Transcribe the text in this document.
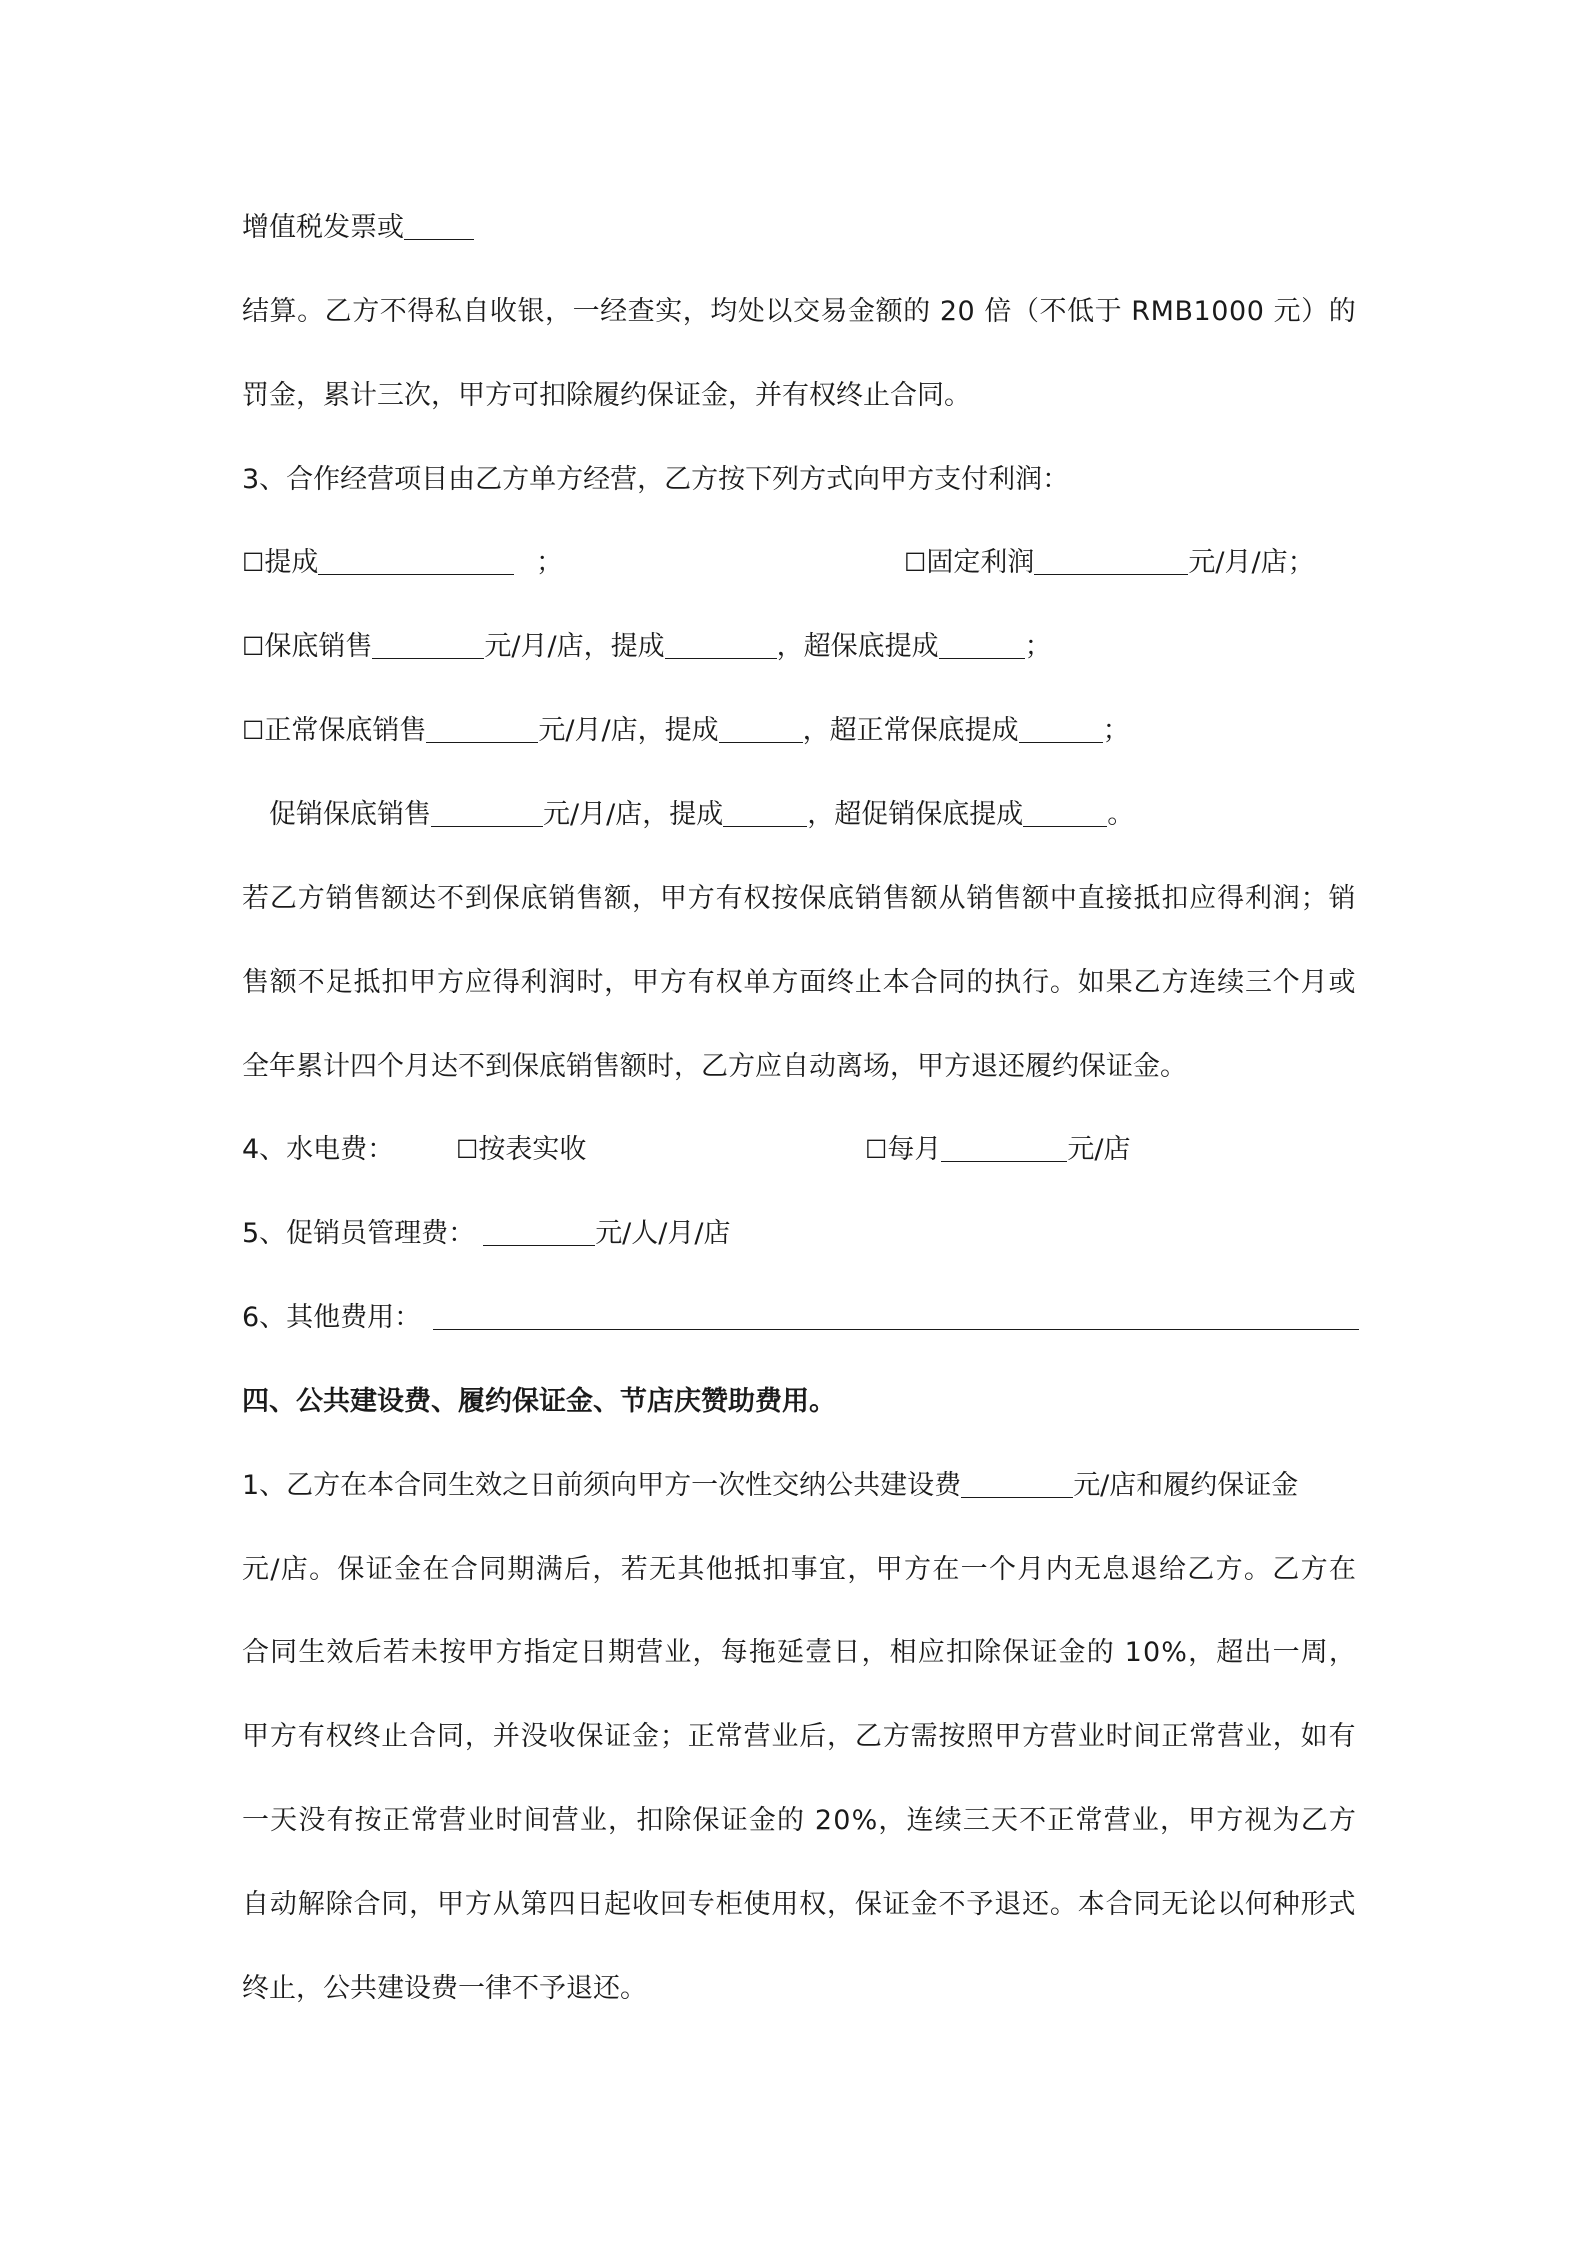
增值税发票或
结 算 。 乙 方 不 得 私 自 收 银 ， 一 经 查 实 ， 均 处 以 交 易 金 额 的
2 0
倍 （ 不 低 于
R M B 1 0 0 0
元 ） 的
罚金，累计三次，甲方可扣除履约保证金，并有权终止合同。
3、合作经营项目由乙方单方经营，乙方按下列方式向甲方支付利润：
☐提成	；	☐固定利润	元/月/店；
☐保底销售	元/月/店，提成	，超保底提成	；
☐正常保底销售	元/月/店，提成	，超正常保底提成	；
促销保底销售	元/月/店，提成	，超促销保底提成	。
若 乙 方 销 售 额 达 不 到 保 底 销 售 额 ， 甲 方 有 权 按 保 底 销 售 额 从 销 售 额 中 直 接 抵 扣 应 得 利 润 ； 销
售 额 不 足 抵 扣 甲 方 应 得 利 润 时 ， 甲 方 有 权 单 方 面 终 止 本 合 同 的 执 行 。 如 果 乙 方 连 续 三 个 月 或
全年累计四个月达不到保底销售额时，乙方应自动离场，甲方退还履约保证金。
4、水电费： ☐按表实收	☐每月	元/店
5、促销员管理费：	元/人/月/店
6、其他费用：
四、公共建设费、履约保证金、节店庆赞助费用。
1、乙方在本合同生效之日前须向甲方一次性交纳公共建设费	元/店和履约保证金
元 / 店 。 保 证 金 在 合 同 期 满 后 ， 若 无 其 他 抵 扣 事 宜 ， 甲 方 在 一 个 月 内 无 息 退 给 乙 方 。 乙 方 在
合 同 生 效 后 若 未 按 甲 方 指 定 日 期 营 业 ， 每 拖 延 壹 日 ， 相 应 扣 除 保 证 金 的
1 0 % ， 超 出 一 周 ，
甲 方 有 权 终 止 合 同 ， 并 没 收 保 证 金 ； 正 常 营 业 后 ， 乙 方 需 按 照 甲 方 营 业 时 间 正 常 营 业 ， 如 有
一 天 没 有 按 正 常 营 业 时 间 营 业 ， 扣 除 保 证 金 的
2 0 % ， 连 续 三 天 不 正 常 营 业 ， 甲 方 视 为 乙 方
自 动 解 除 合 同 ， 甲 方 从 第 四 日 起 收 回 专 柜 使 用 权 ， 保 证 金 不 予 退 还 。 本 合 同 无 论 以 何 种 形 式
终止，公共建设费一律不予退还。
